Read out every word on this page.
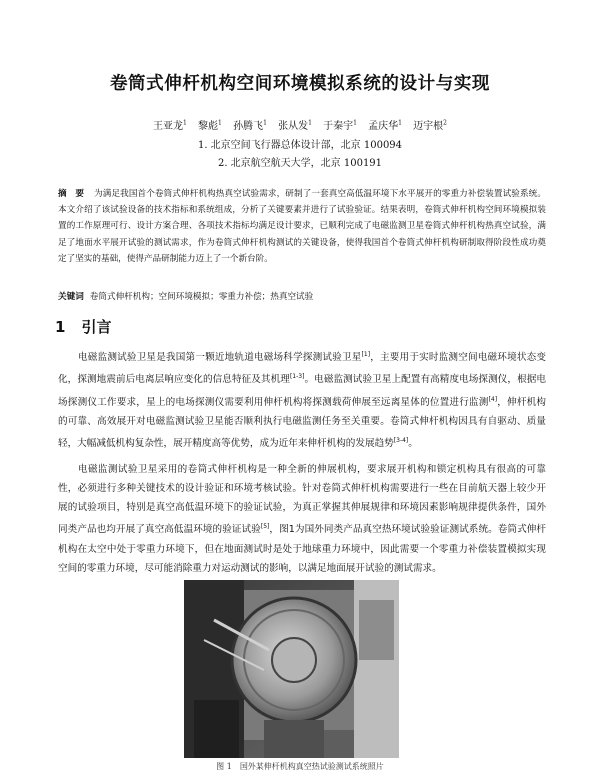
卷筒式伸杆机构空间环境模拟系统的设计与实现
王亚龙$^1$ 黎彪$^1$ 孙腾飞$^1$ 张从发$^1$ 于秦宇$^1$ 孟庆华$^1$ 迈宇根$^2$
1. 北京空间飞行器总体设计部，北京 100094
2. 北京航空航天大学，北京 100191
摘　要 为满足我国首个卷筒式伸杆机构热真空试验需求，研制了一套真空高低温环境下水平展开的零重力补偿装置试验系统。本文介绍了该试验设备的技术指标和系统组成，分析了关键要素并进行了试验验证。结果表明，卷筒式伸杆机构空间环境模拟装置的工作原理可行、设计方案合理、各项技术指标均满足设计要求，已顺利完成了电磁监测卫星卷筒式伸杆机构热真空试验，满足了地面水平展开试验的测试需求，作为卷筒式伸杆机构测试的关键设备，使得我国首个卷筒式伸杆机构研制取得阶段性成功奠定了坚实的基础，使得产品研制能力迈上了一个新台阶。
关键词 卷筒式伸杆机构；空间环境模拟；零重力补偿；热真空试验
1 引言
电磁监测试验卫星是我国第一颗近地轨道电磁场科学探测试验卫星[1]，主要用于实时监测空间电磁环境状态变化，探测地震前后电离层响应变化的信息特征及其机理[1-3]。电磁监测试验卫星上配置有高精度电场探测仪，根据电场探测仪工作要求，星上的电场探测仪需要利用伸杆机构将探测载荷伸展至远离星体的位置进行监测[4]，伸杆机构的可靠、高效展开对电磁监测试验卫星能否顺利执行电磁监测任务至关重要。卷筒式伸杆机构因具有自驱动、质量轻，大幅减低机构复杂性，展开精度高等优势，成为近年来伸杆机构的发展趋势[3-4]。
电磁监测试验卫星采用的卷筒式伸杆机构是一种全新的伸展机构，要求展开机构和锁定机构具有很高的可靠性，必须进行多种关键技术的设计验证和环境考核试验。针对卷筒式伸杆机构需要进行一些在目前航天器上较少开展的试验项目，特别是真空高低温环境下的验证试验，为真正掌握其伸展规律和环境因素影响规律提供条件，国外同类产品也均开展了真空高低温环境的验证试验[5]，图1为国外同类产品真空热环境试验验证测试系统。卷筒式伸杆机构在太空中处于零重力环境下，但在地面测试时是处于地球重力环境中，因此需要一个零重力补偿装置模拟实现空间的零重力环境，尽可能消除重力对运动测试的影响，以满足地面展开试验的测试需求。
图 1 国外某伸杆机构真空热试验测试系统照片
